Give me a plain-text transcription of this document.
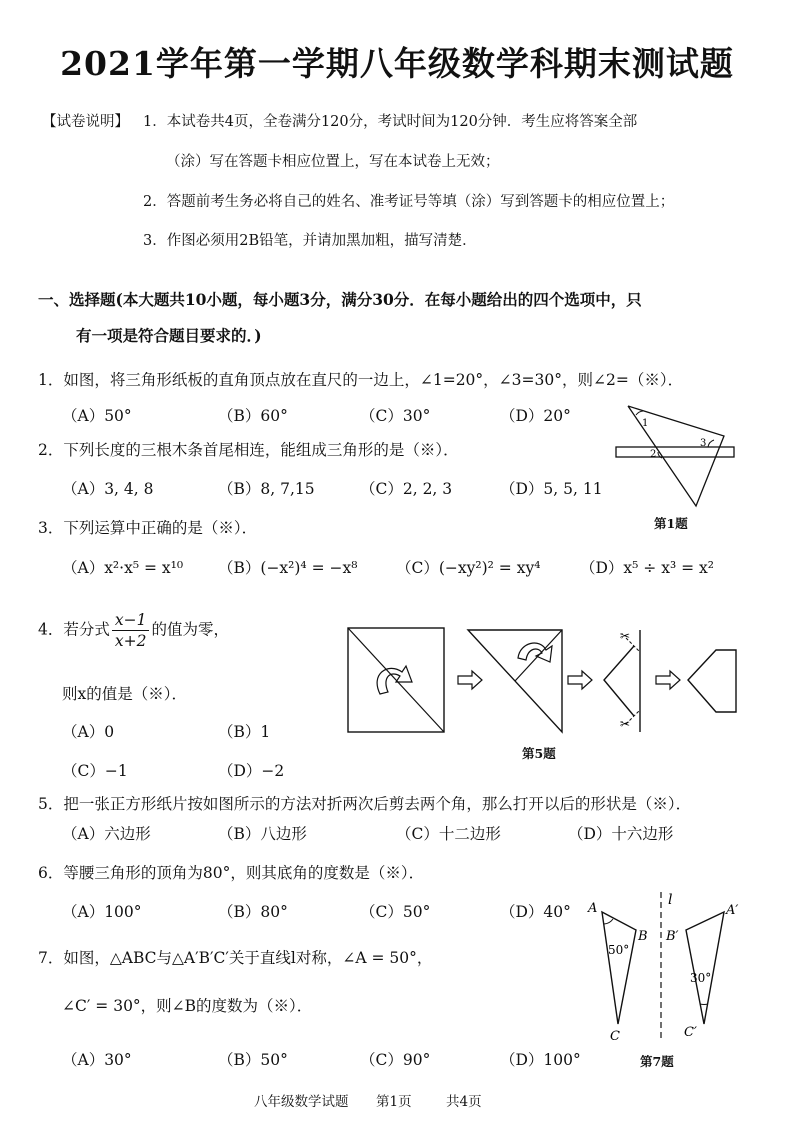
2021学年第一学期八年级数学科期末测试题
【试卷说明】 1．本试卷共4页，全卷满分120分，考试时间为120分钟．考生应将答案全部
（涂）写在答题卡相应位置上，写在本试卷上无效；
2．答题前考生务必将自己的姓名、准考证号等填（涂）写到答题卡的相应位置上；
3．作图必须用2B铅笔，并请加黑加粗，描写清楚．
一、选择题(本大题共10小题，每小题3分，满分30分．在每小题给出的四个选项中，只
有一项是符合题目要求的．)
1．如图，将三角形纸板的直角顶点放在直尺的一边上，∠1=20°，∠3=30°，则∠2=（※）．
（A）50°	（B）60°	（C）30°	（D）20°	1
2
3
第1题
2．下列长度的三根木条首尾相连，能组成三角形的是（※）．
（A）3, 4, 8	（B）8, 7,15	（C）2, 2, 3	（D）5, 5, 11
3．下列运算中正确的是（※）．
（A）x²·x⁵ = x¹⁰ （B）(−x²)⁴ = −x⁸ （C）(−xy²)² = xy⁴	（D）x⁵ ÷ x³ = x²
4．若分式 $\frac{x-1}{x+2}$ 的值为零，
则x的值是（※）．
（A）0	（B）1
（C）−1	（D）−2
✂
✂
第5题
5．把一张正方形纸片按如图所示的方法对折两次后剪去两个角，那么打开以后的形状是（※）．
（A）六边形	（B）八边形	（C）十二边形	（D）十六边形
6．等腰三角形的顶角为80°，则其底角的度数是（※）．
（A）100°	（B）80°	（C）50°	（D）40°
7．如图，△ABC与△A′B′C′关于直线l对称，∠A = 50°，
∠C′ = 30°，则∠B的度数为（※）．
（A）30°	（B）50°	（C）90°	（D）100°
l
A
B
C
A′
B′
C′
50°
30°
第7题
八年级数学试题 第1页	共4页
